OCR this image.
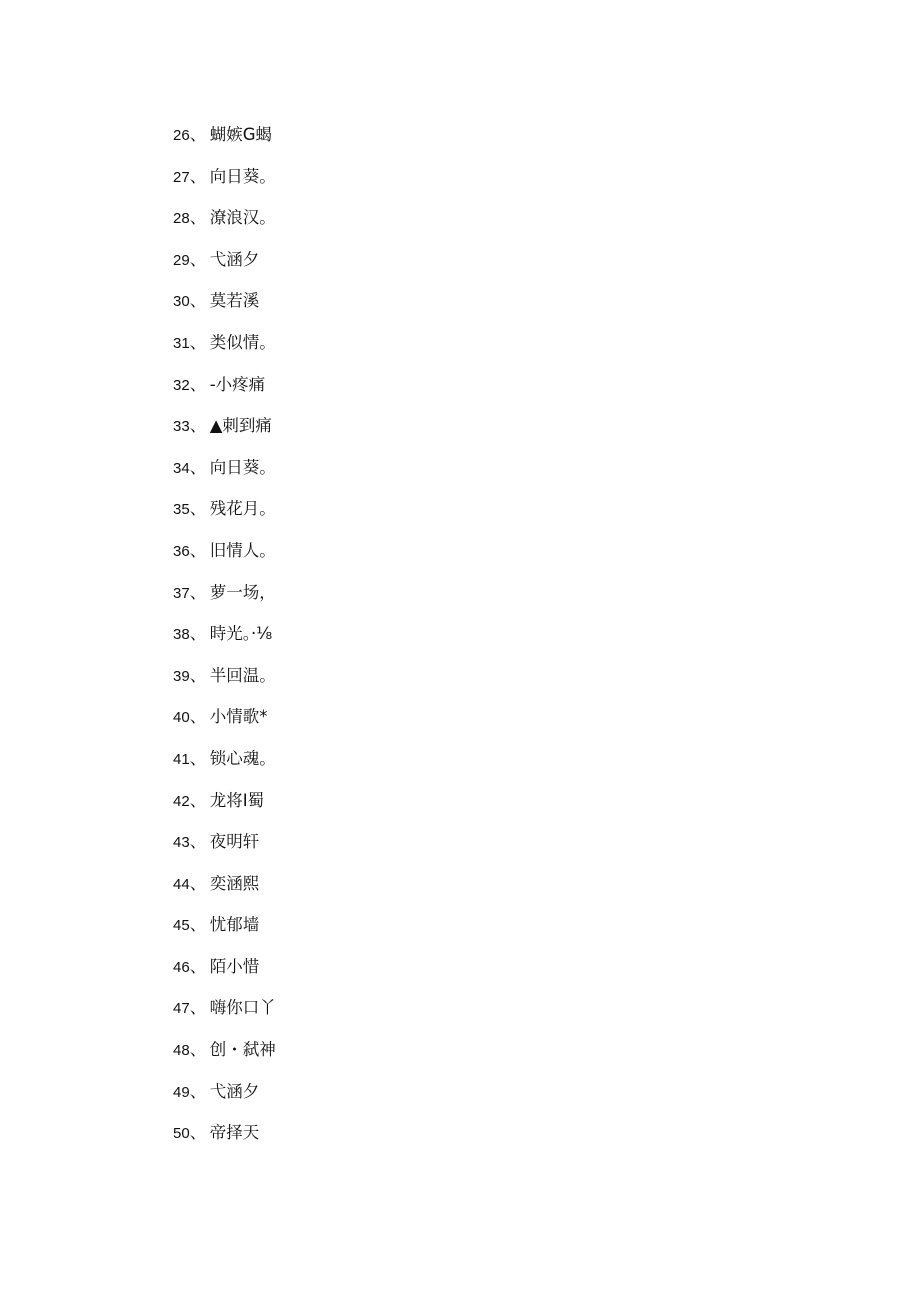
26、 蝴嫉G蝎
27、 向日葵。
28、 潦浪汉。
29、 弋涵夕
30、 莫若溪
31、 类似情。
32、 -小疼痛
33、 ▲刺到痛
34、 向日葵。
35、 残花月。
36、 旧情人。
37、 萝一场，
38、 時光。·⅛
39、 半回温。
40、 小情歌*
41、 锁心魂。
42、 龙将I蜀
43、 夜明轩
44、 奕涵熙
45、 忧郁墙
46、 陌小惜
47、 嗨你口丫
48、 创・弑神
49、 弋涵夕
50、 帝择天
